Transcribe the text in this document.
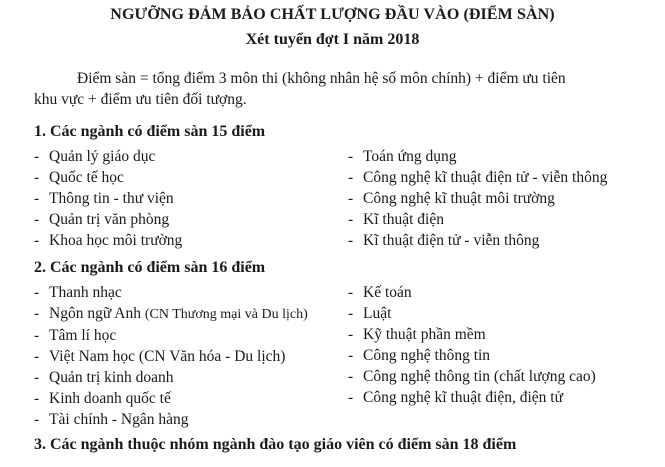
NGƯỠNG ĐẢM BẢO CHẤT LƯỢNG ĐẦU VÀO (ĐIỂM SÀN)
Xét tuyển đợt I năm 2018
Điểm sàn = tổng điểm 3 môn thi (không nhân hệ số môn chính) + điểm ưu tiên
khu vực + điểm ưu tiên đối tượng.
1. Các ngành có điểm sàn 15 điểm
- Quản lý giáo dục
- Quốc tế học
- Thông tin - thư viện
- Quản trị văn phòng
- Khoa học môi trường
- Toán ứng dụng
- Công nghệ kĩ thuật điện tử - viễn thông
- Công nghệ kĩ thuật môi trường
- Kĩ thuật điện
- Kĩ thuật điện tử - viễn thông
2. Các ngành có điểm sàn 16 điểm
- Thanh nhạc
- Ngôn ngữ Anh (CN Thương mại và Du lịch)
- Tâm lí học
- Việt Nam học (CN Văn hóa - Du lịch)
- Quản trị kinh doanh
- Kinh doanh quốc tế
- Tài chính - Ngân hàng
- Kế toán
- Luật
- Kỹ thuật phần mềm
- Công nghệ thông tin
- Công nghệ thông tin (chất lượng cao)
- Công nghệ kĩ thuật điện, điện tử
3. Các ngành thuộc nhóm ngành đào tạo giáo viên có điểm sàn 18 điểm
